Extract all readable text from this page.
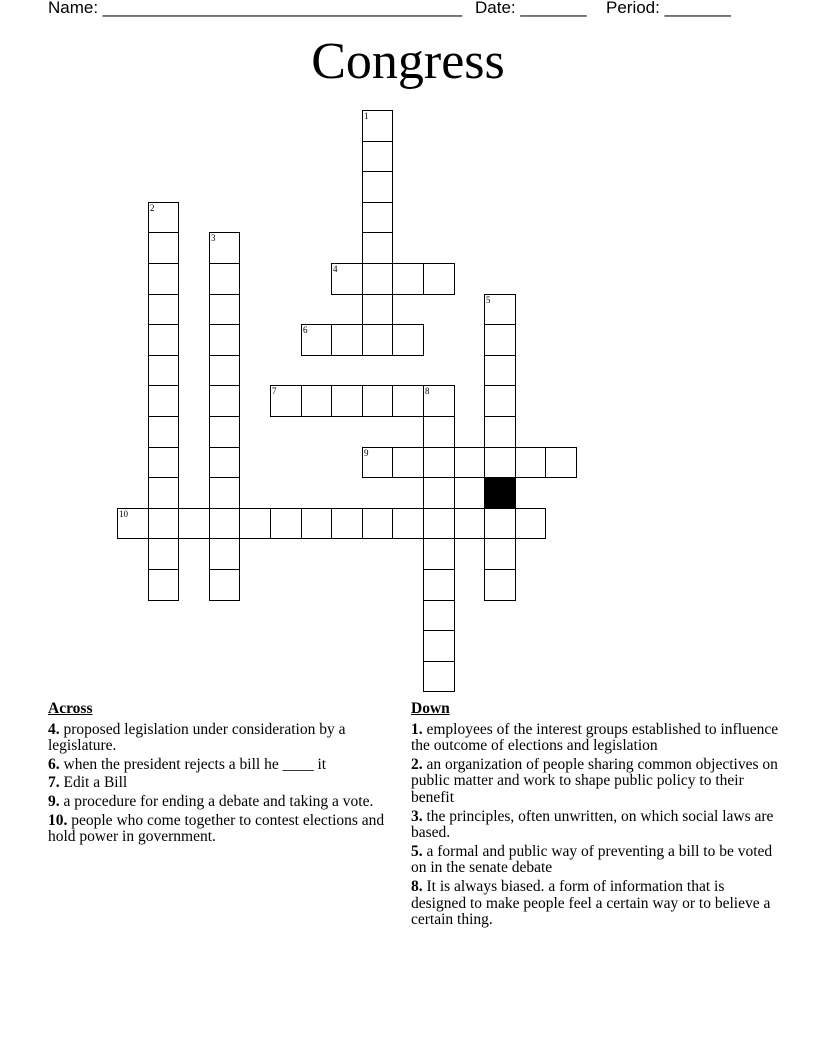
Name: ______________________________________ Date: _______ Period: _______
Congress
1
2
3
4
5
6
7	8
9
10
Across
4. proposed legislation under consideration by a legislature.
6. when the president rejects a bill he ____ it
7. Edit a Bill
9. a procedure for ending a debate and taking a vote.
10. people who come together to contest elections and hold power in government.
Down
1. employees of the interest groups established to influence the outcome of elections and legislation
2. an organization of people sharing common objectives on public matter and work to shape public policy to their benefit
3. the principles, often unwritten, on which social laws are based.
5. a formal and public way of preventing a bill to be voted on in the senate debate
8. It is always biased. a form of information that is designed to make people feel a certain way or to believe a certain thing.
